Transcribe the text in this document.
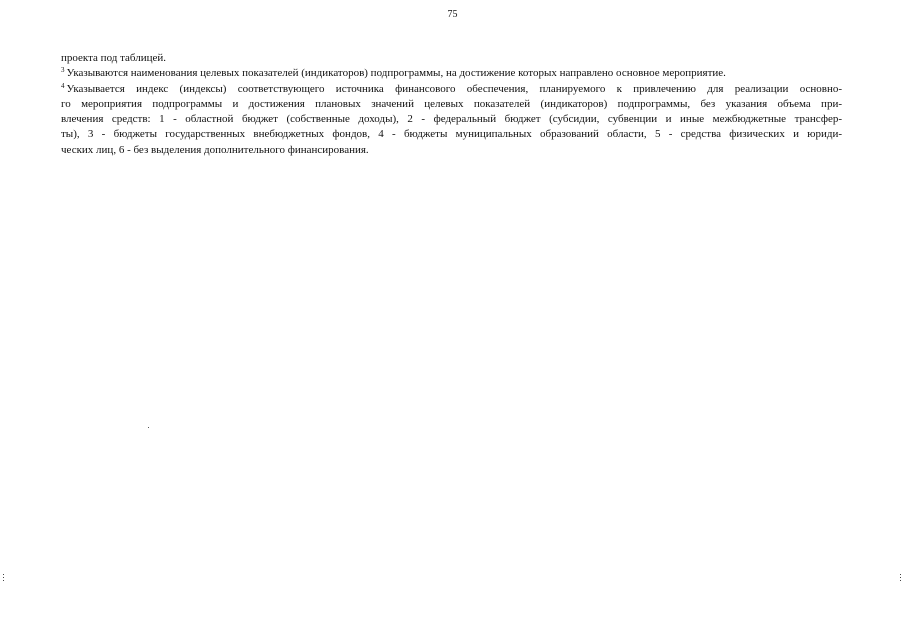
75
проекта под таблицей.
$^3$ Указываются наименования целевых показателей (индикаторов) подпрограммы, на достижение которых направлено основное мероприятие.
$^4$ Указывается индекс (индексы) соответствующего источника финансового обеспечения, планируемого к привлечению для реализации основно-
го мероприятия подпрограммы и достижения плановых значений целевых показателей (индикаторов) подпрограммы, без указания объема при-
влечения средств: 1 - областной бюджет (собственные доходы), 2 - федеральный бюджет (субсидии, субвенции и иные межбюджетные трансфер-
ты), 3 - бюджеты государственных внебюджетных фондов, 4 - бюджеты муниципальных образований области, 5 - средства физических и юриди-
ческих лиц, 6 - без выделения дополнительного финансирования.
